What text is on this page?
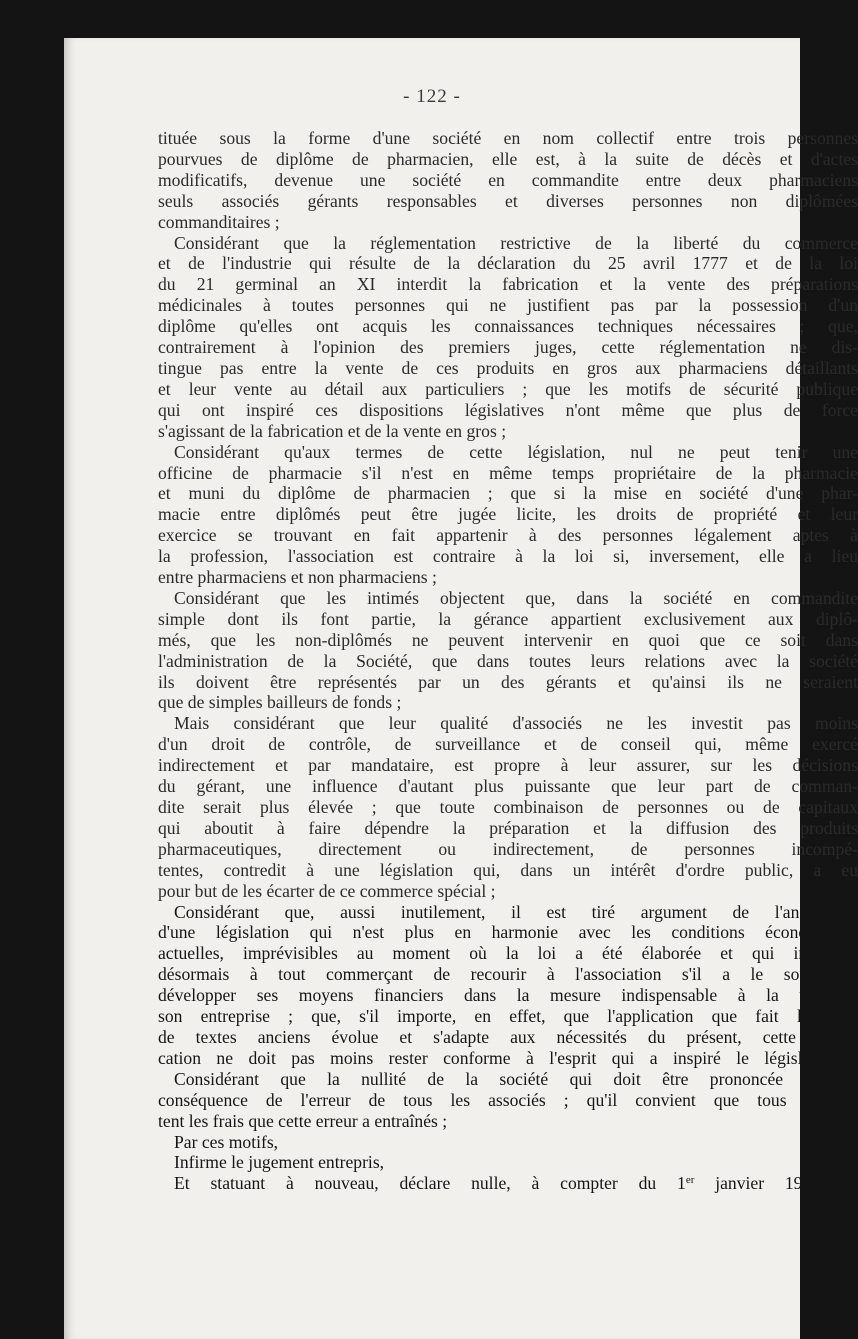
- 122 -
tituée sous la forme d'une société en nom collectif entre trois personnes
pourvues de diplôme de pharmacien, elle est, à la suite de décès et d'actes
modificatifs, devenue une société en commandite entre deux pharmaciens
seuls associés gérants responsables et diverses personnes non diplômées
commanditaires ;
Considérant que la réglementation restrictive de la liberté du commerce
et de l'industrie qui résulte de la déclaration du 25 avril 1777 et de la loi
du 21 germinal an XI interdit la fabrication et la vente des préparations
médicinales à toutes personnes qui ne justifient pas par la possession d'un
diplôme qu'elles ont acquis les connaissances techniques nécessaires ; que,
contrairement à l'opinion des premiers juges, cette réglementation ne dis-
tingue pas entre la vente de ces produits en gros aux pharmaciens détaillants
et leur vente au détail aux particuliers ; que les motifs de sécurité publique
qui ont inspiré ces dispositions législatives n'ont même que plus de force
s'agissant de la fabrication et de la vente en gros ;
Considérant qu'aux termes de cette législation, nul ne peut tenir une
officine de pharmacie s'il n'est en même temps propriétaire de la pharmacie
et muni du diplôme de pharmacien ; que si la mise en société d'une phar-
macie entre diplômés peut être jugée licite, les droits de propriété et leur
exercice se trouvant en fait appartenir à des personnes légalement aptes à
la profession, l'association est contraire à la loi si, inversement, elle a lieu
entre pharmaciens et non pharmaciens ;
Considérant que les intimés objectent que, dans la société en commandite
simple dont ils font partie, la gérance appartient exclusivement aux diplô-
més, que les non-diplômés ne peuvent intervenir en quoi que ce soit dans
l'administration de la Société, que dans toutes leurs relations avec la société
ils doivent être représentés par un des gérants et qu'ainsi ils ne seraient
que de simples bailleurs de fonds ;
Mais considérant que leur qualité d'associés ne les investit pas moins
d'un droit de contrôle, de surveillance et de conseil qui, même exercé
indirectement et par mandataire, est propre à leur assurer, sur les décisions
du gérant, une influence d'autant plus puissante que leur part de comman-
dite serait plus élevée ; que toute combinaison de personnes ou de capitaux
qui aboutit à faire dépendre la préparation et la diffusion des produits
pharmaceutiques, directement ou indirectement, de personnes incompé-
tentes, contredit à une législation qui, dans un intérêt d'ordre public, a eu
pour but de les écarter de ce commerce spécial ;
Considérant que, aussi inutilement, il est tiré argument de l'ancienneté
d'une législation qui n'est plus en harmonie avec les conditions économiques
actuelles, imprévisibles au moment où la loi a été élaborée et qui imposent
désormais à tout commerçant de recourir à l'association s'il a le souci de
développer ses moyens financiers dans la mesure indispensable à la vie de
son entreprise ; que, s'il importe, en effet, que l'application que fait le juge
de textes anciens évolue et s'adapte aux nécessités du présent, cette appli-
cation ne doit pas moins rester conforme à l'esprit qui a inspiré le législateur ;
Considérant que la nullité de la société qui doit être prononcée est la
conséquence de l'erreur de tous les associés ; qu'il convient que tous suppor-
tent les frais que cette erreur a entraînés ;
Par ces motifs,
Infirme le jugement entrepris,
Et statuant à nouveau, déclare nulle, à compter du 1er janvier 1927, la
